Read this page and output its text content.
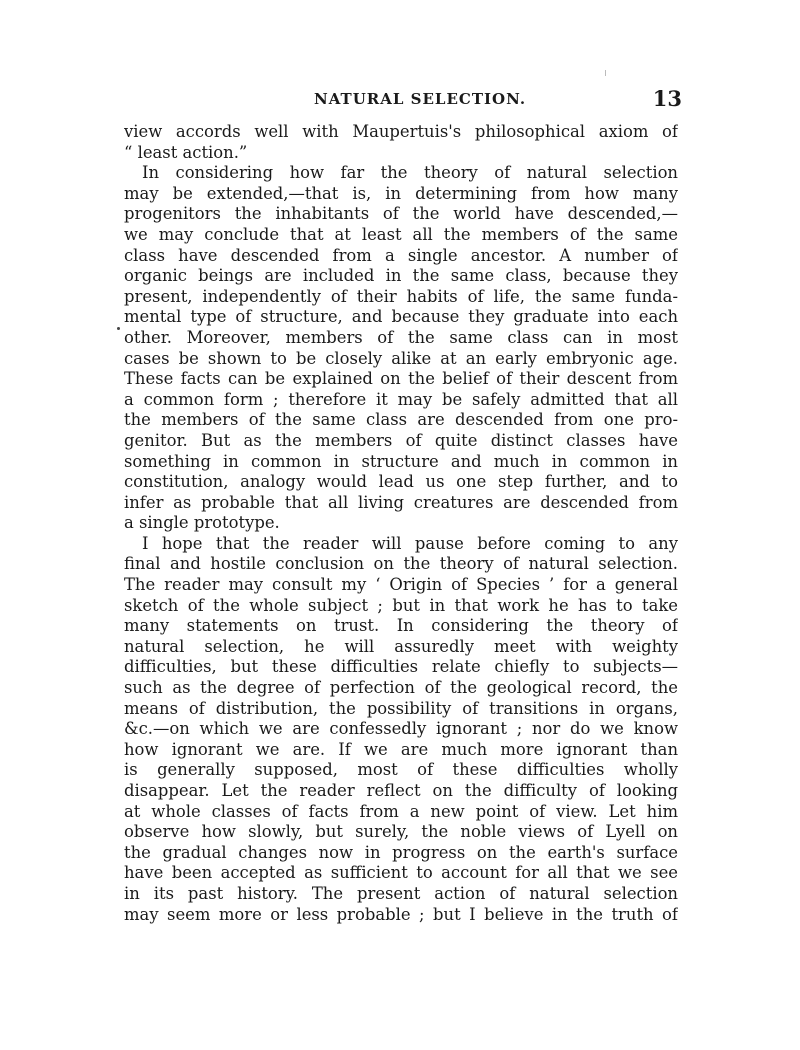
NATURAL SELECTION.	13
view accords well with Maupertuis's philosophical axiom of
“ least action.”
In considering how far the theory of natural selection
may be extended,—that is, in determining from how many
progenitors the inhabitants of the world have descended,—
we may conclude that at least all the members of the same
class have descended from a single ancestor. A number of
organic beings are included in the same class, because they
present, independently of their habits of life, the same funda-
mental type of structure, and because they graduate into each
other. Moreover, members of the same class can in most
cases be shown to be closely alike at an early embryonic age.
These facts can be explained on the belief of their descent from
a common form ; therefore it may be safely admitted that all
the members of the same class are descended from one pro-
genitor. But as the members of quite distinct classes have
something in common in structure and much in common in
constitution, analogy would lead us one step further, and to
infer as probable that all living creatures are descended from
a single prototype.
I hope that the reader will pause before coming to any
final and hostile conclusion on the theory of natural selection.
The reader may consult my ‘ Origin of Species ’ for a general
sketch of the whole subject ; but in that work he has to take
many statements on trust. In considering the theory of
natural selection, he will assuredly meet with weighty
difficulties, but these difficulties relate chiefly to subjects—
such as the degree of perfection of the geological record, the
means of distribution, the possibility of transitions in organs,
&c.—on which we are confessedly ignorant ; nor do we know
how ignorant we are. If we are much more ignorant than
is generally supposed, most of these difficulties wholly
disappear. Let the reader reflect on the difficulty of looking
at whole classes of facts from a new point of view. Let him
observe how slowly, but surely, the noble views of Lyell on
the gradual changes now in progress on the earth's surface
have been accepted as sufficient to account for all that we see
in its past history. The present action of natural selection
may seem more or less probable ; but I believe in the truth of
